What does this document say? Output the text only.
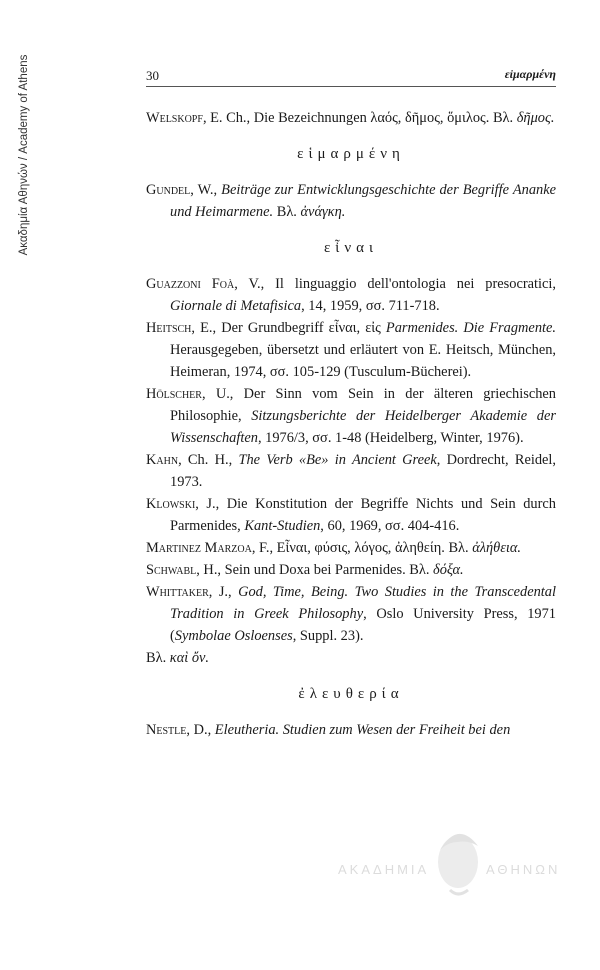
Ακαδημία Αθηνών / Academy of Athens	30	εἱμαρμένη

Welskopf, E. Ch., Die Bezeichnungen λαός, δῆμος, ὅμιλος. Βλ. δῆμος.

εἱμαρμένη

Gundel, W., Beiträge zur Entwicklungsgeschichte der Begriffe Ananke und Heimarmene. Βλ. ἀνάγκη.

εἶναι

Guazzoni Foà, V., Il linguaggio dell'ontologia nei presocratici, Giornale di Metafisica, 14, 1959, σσ. 711-718.

Heitsch, E., Der Grundbegriff εἶναι, εἰς Parmenides. Die Fragmente. Herausgegeben, übersetzt und erläutert von E. Heitsch, München, Heimeran, 1974, σσ. 105-129 (Tusculum-Bücherei).

Hölscher, U., Der Sinn vom Sein in der älteren griechischen Philosophie, Sitzungsberichte der Heidelberger Akademie der Wissenschaften, 1976/3, σσ. 1-48 (Heidelberg, Winter, 1976).

Kahn, Ch. H., The Verb «Be» in Ancient Greek, Dordrecht, Reidel, 1973.

Klowski, J., Die Konstitution der Begriffe Nichts und Sein durch Parmenides, Kant-Studien, 60, 1969, σσ. 404-416.

Martinez Marzoa, F., Εἶναι, φύσις, λόγος, ἀληθείη. Βλ. ἀλήθεια.

Schwabl, H., Sein und Doxa bei Parmenides. Βλ. δόξα.

Whittaker, J., God, Time, Being. Two Studies in the Transcedental Tradition in Greek Philosophy, Oslo University Press, 1971 (Symbolae Osloenses, Suppl. 23).

Βλ. καὶ ὄν.

ἐλευθερία

Nestle, D., Eleutheria. Studien zum Wesen der Freiheit bei den

ΑΚΑΔΗΜΙΑ	ΑΘΗΝΩΝ
